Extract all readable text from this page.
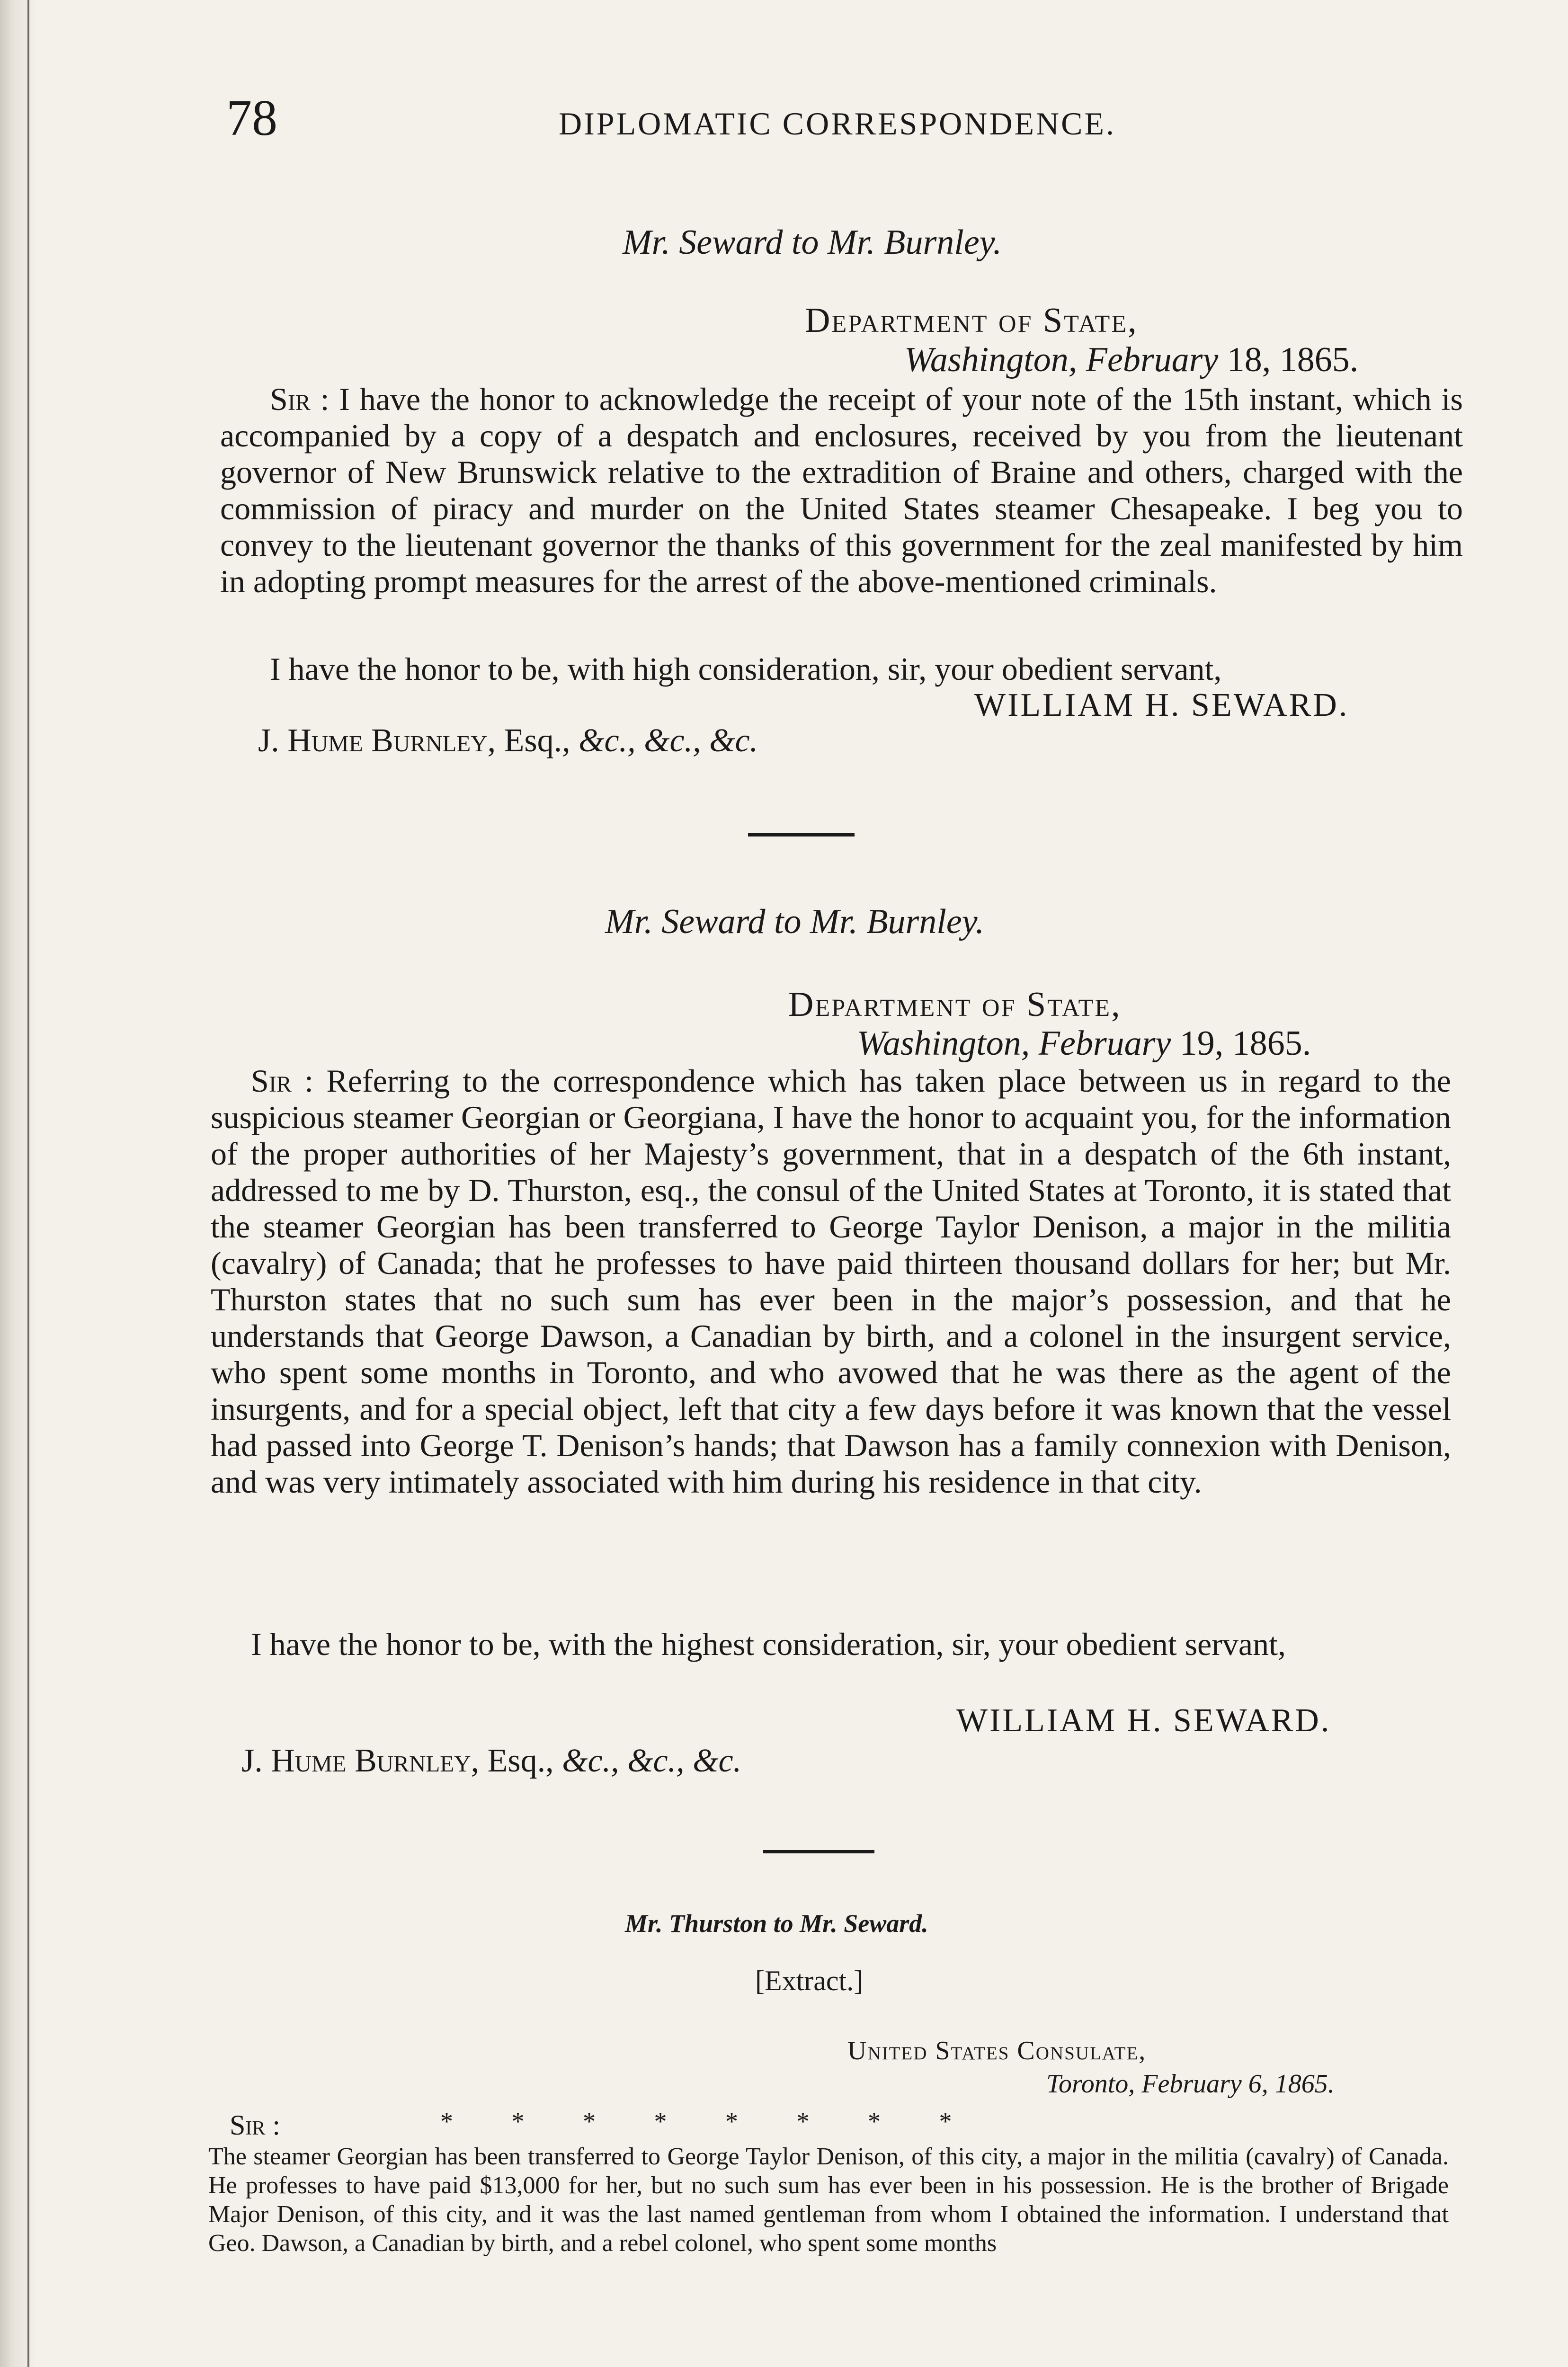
78	DIPLOMATIC CORRESPONDENCE.
Mr. Seward to Mr. Burnley.
Department of State,
Washington, February 18, 1865.
Sir : I have the honor to acknowledge the receipt of your note of the 15th instant, which is accompanied by a copy of a despatch and enclosures, received by you from the lieutenant governor of New Brunswick relative to the extradition of Braine and others, charged with the commission of piracy and murder on the United States steamer Chesapeake. I beg you to convey to the lieutenant governor the thanks of this government for the zeal manifested by him in adopting prompt measures for the arrest of the above-mentioned criminals.
I have the honor to be, with high consideration, sir, your obedient servant,
WILLIAM H. SEWARD.
J. Hume Burnley, Esq., &c., &c., &c.
Mr. Seward to Mr. Burnley.
Department of State,
Washington, February 19, 1865.
Sir : Referring to the correspondence which has taken place between us in regard to the suspicious steamer Georgian or Georgiana, I have the honor to acquaint you, for the information of the proper authorities of her Majesty’s government, that in a despatch of the 6th instant, addressed to me by D. Thurston, esq., the consul of the United States at Toronto, it is stated that the steamer Georgian has been transferred to George Taylor Denison, a major in the militia (cavalry) of Canada; that he professes to have paid thirteen thousand dollars for her; but Mr. Thurston states that no such sum has ever been in the major’s possession, and that he understands that George Dawson, a Canadian by birth, and a colonel in the insurgent service, who spent some months in Toronto, and who avowed that he was there as the agent of the insurgents, and for a special object, left that city a few days before it was known that the vessel had passed into George T. Denison’s hands; that Dawson has a family connexion with Denison, and was very intimately associated with him during his residence in that city.
I have the honor to be, with the highest consideration, sir, your obedient servant,
WILLIAM H. SEWARD.
J. Hume Burnley, Esq., &c., &c., &c.
Mr. Thurston to Mr. Seward.
[Extract.]
United States Consulate,
Toronto, February 6, 1865.
Sir :	* * * * * * * *
The steamer Georgian has been transferred to George Taylor Denison, of this city, a major in the militia (cavalry) of Canada. He professes to have paid $13,000 for her, but no such sum has ever been in his possession. He is the brother of Brigade Major Denison, of this city, and it was the last named gentleman from whom I obtained the information. I understand that Geo. Dawson, a Canadian by birth, and a rebel colonel, who spent some months
